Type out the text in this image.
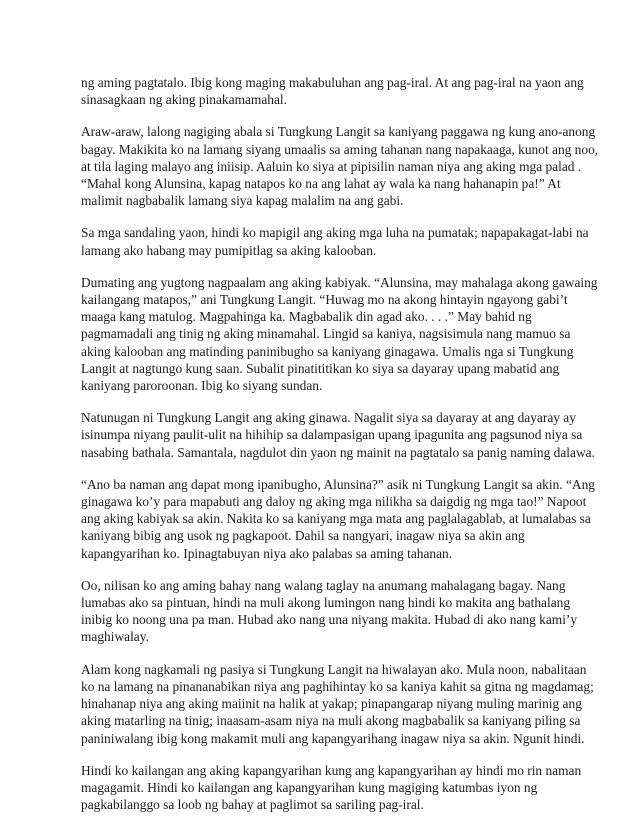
ng aming pagtatalo. Ibig kong maging makabuluhan ang pag-iral. At ang pag-iral na yaon ang
sinasagkaan ng aking pinakamamahal.

Araw-araw, lalong nagiging abala si Tungkung Langit sa kaniyang paggawa ng kung ano-anong
bagay. Makikita ko na lamang siyang umaalis sa aming tahanan nang napakaaga, kunot ang noo,
at tila laging malayo ang iniisip. Aaluin ko siya at pipisilin naman niya ang aking mga palad .
“Mahal kong Alunsina, kapag natapos ko na ang lahat ay wala ka nang hahanapin pa!” At
malimit nagbabalik lamang siya kapag malalim na ang gabi.

Sa mga sandaling yaon, hindi ko mapigil ang aking mga luha na pumatak; napapakagat-labi na
lamang ako habang may pumipitlag sa aking kalooban.

Dumating ang yugtong nagpaalam ang aking kabiyak. “Alunsina, may mahalaga akong gawaing
kailangang matapos,” ani Tungkung Langit. “Huwag mo na akong hintayin ngayong gabi’t
maaga kang matulog. Magpahinga ka. Magbabalik din agad ako. . . .” May bahid ng
pagmamadali ang tinig ng aking minamahal. Lingid sa kaniya, nagsisimula nang mamuo sa
aking kalooban ang matinding paninibugho sa kaniyang ginagawa. Umalis nga si Tungkung
Langit at nagtungo kung saan. Subalit pinatititikan ko siya sa dayaray upang mabatid ang
kaniyang paroroonan. Ibig ko siyang sundan.

Natunugan ni Tungkung Langit ang aking ginawa. Nagalit siya sa dayaray at ang dayaray ay
isinumpa niyang paulit-ulit na hihihip sa dalampasigan upang ipagunita ang pagsunod niya sa
nasabing bathala. Samantala, nagdulot din yaon ng mainit na pagtatalo sa panig naming dalawa.

“Ano ba naman ang dapat mong ipanibugho, Alunsina?” asik ni Tungkung Langit sa akin. “Ang
ginagawa ko’y para mapabuti ang daloy ng aking mga nilikha sa daigdig ng mga tao!” Napoot
ang aking kabiyak sa akin. Nakita ko sa kaniyang mga mata ang paglalagablab, at lumalabas sa
kaniyang bibig ang usok ng pagkapoot. Dahil sa nangyari, inagaw niya sa akin ang
kapangyarihan ko. Ipinagtabuyan niya ako palabas sa aming tahanan.

Oo, nilisan ko ang aming bahay nang walang taglay na anumang mahalagang bagay. Nang
lumabas ako sa pintuan, hindi na muli akong lumingon nang hindi ko makita ang bathalang
inibig ko noong una pa man. Hubad ako nang una niyang makita. Hubad di ako nang kami’y
maghiwalay.

Alam kong nagkamali ng pasiya si Tungkung Langit na hiwalayan ako. Mula noon, nabalitaan
ko na lamang na pinananabikan niya ang paghihintay ko sa kaniya kahit sa gitna ng magdamag;
hinahanap niya ang aking maiinit na halik at yakap; pinapangarap niyang muling marinig ang
aking matarling na tinig; inaasam-asam niya na muli akong magbabalik sa kaniyang piling sa
paniniwalang ibig kong makamit muli ang kapangyarihang inagaw niya sa akin. Ngunit hindi.

Hindi ko kailangan ang aking kapangyarihan kung ang kapangyarihan ay hindi mo rin naman
magagamit. Hindi ko kailangan ang kapangyarihan kung magiging katumbas iyon ng
pagkabilanggo sa loob ng bahay at paglimot sa sariling pag-iral.
